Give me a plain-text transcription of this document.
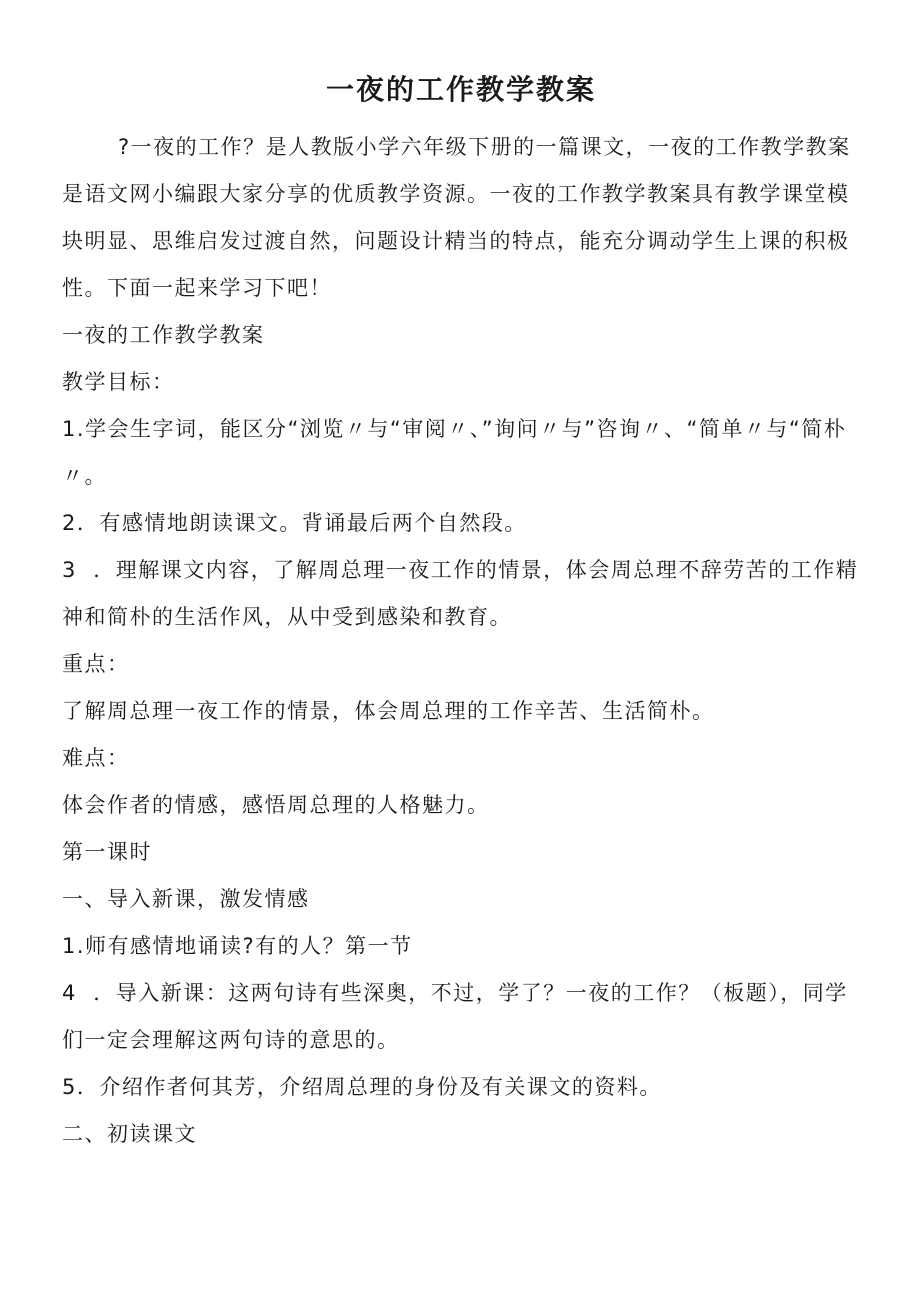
一夜的工作教学教案

?一夜的工作？是人教版小学六年级下册的一篇课文，一夜的工作教学教案是语文网小编跟大家分享的优质教学资源。一夜的工作教学教案具有教学课堂模块明显、思维启发过渡自然，问题设计精当的特点，能充分调动学生上课的积极性。下面一起来学习下吧！

一夜的工作教学教案

教学目标：

1.学会生字词，能区分“浏览〃与“审阅〃、”询问〃与”咨询〃、“简单〃与“简朴〃。

2．有感情地朗读课文。背诵最后两个自然段。

3  ．理解课文内容，了解周总理一夜工作的情景，体会周总理不辞劳苦的工作精神和简朴的生活作风，从中受到感染和教育。

重点：

了解周总理一夜工作的情景，体会周总理的工作辛苦、生活简朴。

难点：

体会作者的情感，感悟周总理的人格魅力。

第一课时

一、导入新课，激发情感

1.师有感情地诵读?有的人？第一节

4  ．导入新课：这两句诗有些深奥，不过，学了？一夜的工作？（板题），同学们一定会理解这两句诗的意思的。

5．介绍作者何其芳，介绍周总理的身份及有关课文的资料。

二、初读课文
